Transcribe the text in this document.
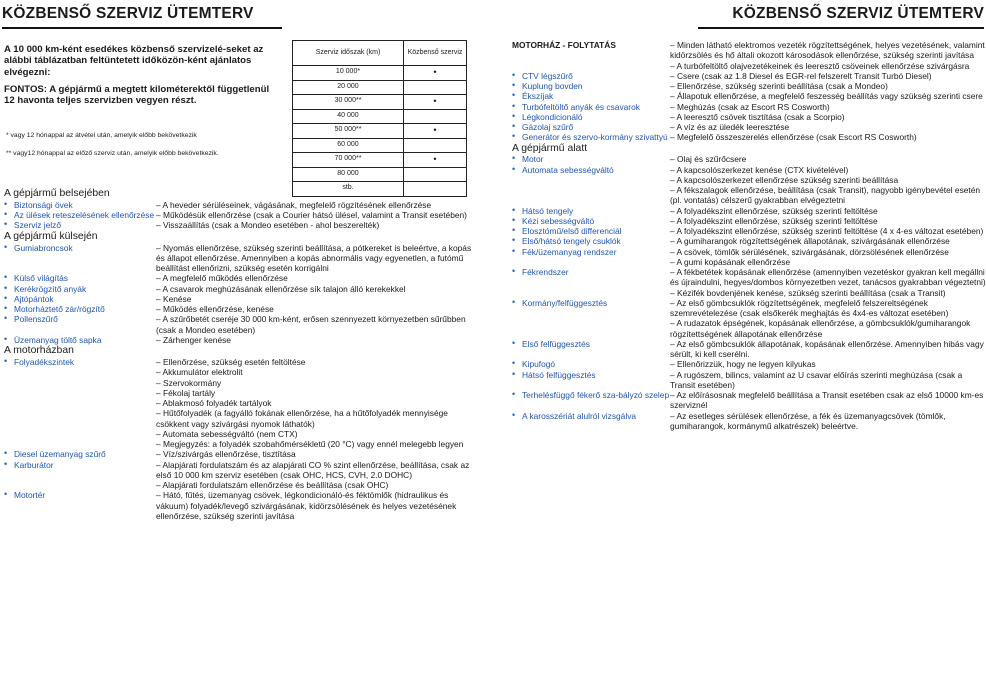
KÖZBENSŐ SZERVIZ ÜTEMTERV
A 10 000 km-ként esedékes közbenső szervizelé-seket az alábbi táblázatban feltüntetett időközön-ként ajánlatos elvégezni:
FONTOS: A gépjármű a megtett kilométerektől függetlenül 12 havonta teljes szervizben vegyen részt.
* vagy 12 hónappal az átvétel után, amelyik előbb bekövetkezik
** vagy12 hónappal az előző szerviz után, amelyik előbb bekövetkezik.
Szerviz időszak (km)	Közbenső szerviz
10 000*	•
20 000	
30 000**	•
40 000	
50 000**	•
60 000	
70 000**	•
80 000	
stb.	
A gépjármű belsejében
• Biztonsági övek	– A heveder sérüléseinek, vágásának, megfelelő rögzítésének ellenőrzése
• Az ülések reteszelésének ellenőrzése – Működésük ellenőrzése (csak a Courier hátsó ülésel, valamint a Transit esetében)
• Szerviz jelző	– Visszaállítás (csak a Mondeo esetében - ahol beszerelték)
A gépjármű külsején
• Gumiabroncsok	– Nyomás ellenőrzése, szükség szerinti beállítása, a pótkereket is beleértve, a kopás és állapot ellenőrzése. Amennyiben a kopás abnormális vagy egyenetlen, a futómű beállítást ellenőrizni, szükség esetén korrigálni
• Külső világítás	– A megfelelő működés ellenőrzése
• Kerékrögzítő anyák	– A csavarok meghúzásának ellenőrzése sík talajon álló kerekekkel
• Ajtópántok	– Kenése
• Motorháztető zár/rögzítő	– Működés ellenőrzése, kenése
• Pollenszűrő	– A szűrőbetét cseréje 30 000 km-ként, erősen szennyezett környezetben sűrűbben (csak a Mondeo esetében)
• Üzemanyag töltő sapka	– Zárhenger kenése
A motorházban
• Folyadékszintek	– Ellenőrzése, szükség esetén feltöltése
– Akkumulátor elektrolit
– Szervokormány
– Fékolaj tartály
– Ablakmosó folyadék tartályok
– Hűtőfolyadék (a fagyálló fokának ellenőrzése, ha a hűtőfolyadék mennyisége csökkent vagy szivárgási nyomok láthatók)
– Automata sebességváltó (nem CTX)
– Megjegyzés: a folyadék szobahőmérsékletű (20 °C) vagy ennél melegebb legyen
• Diesel üzemanyag szűrő	– Víz/szivárgás ellenőrzése, tisztítása
• Karburátor	– Alapjárati fordulatszám és az alapjárati CO % szint ellenőrzése, beállítása, csak az első 10 000 km szerviz esetében (csak OHC, HCS, CVH, 2.0 DOHC)
– Alapjárati fordulatszám ellenőrzése és beállítása (csak OHC)
• Motortér	– Hátó, fűtés, üzemanyag csövek, légkondicionáló-és féktömlők (hidraulikus és vákuum) folyadék/levegő szivárgásának, kidörzsölésének és helyes vezetésének ellenőrzése, szükség szerinti javítása
KÖZBENSŐ SZERVIZ ÜTEMTERV
MOTORHÁZ - FOLYTATÁS	– Minden látható elektromos vezeték rögzítettségének, helyes vezetésének, valamint kidörzsölés és hő általi okozott károsodások ellenőrzése, szükség szerinti javítása
– A turbófeltöltő olajvezetékeinek és leeresztő csöveinek ellenőrzése szivárgásra
• CTV légszűrő	– Csere (csak az 1.8 Diesel és EGR-rel felszerelt Transit Turbó Diesel)
• Kuplung bovden	– Ellenőrzése, szükség szerinti beállítása (csak a Mondeo)
• Ékszíjak	– Állapotuk ellenőrzése, a megfelelő feszesség beállítás vagy szükség szerinti csere
• Turbófeltöltő anyák és csavarok	– Meghúzás (csak az Escort RS Cosworth)
• Légkondicionáló	– A leeresztő csövek tisztítása (csak a Scorpio)
• Gázolaj szűrő	– A víz és az üledék leeresztése
• Generátor és szervo-kormány szivattyú – Megfelelő összeszerelés ellenőrzése (csak Escort RS Cosworth)
A gépjármű alatt
• Motor	– Olaj és szűrőcsere
• Automata sebességváltó	– A kapcsolószerkezet kenése (CTX kivételével)
– A kapcsolószerkezet ellenőrzése szükség szerinti beállítása
– A fékszalagok ellenőrzése, beállítása (csak Transit), nagyobb igénybevétel esetén (pl. vontatás) célszerű gyakrabban elvégeztetni
• Hátsó tengely	– A folyadékszint ellenőrzése, szükség szerinti feltöltése
• Kézi sebességváltó	– A folyadékszint ellenőrzése, szükség szerinti feltöltése
• Elosztómű/első differenciál	– A folyadékszint ellenőrzése, szükség szerinti feltöltése (4 x 4-es változat esetében)
• Első/hátsó tengely csuklók	– A gumiharangok rögzítettségének állapotának, szivárgásának ellenőrzése
• Fék/üzemanyag rendszer	– A csövek, tömlők sérülésének, szivárgásának, dörzsölésének ellenőrzése
– A gumi kopásának ellenőrzése
• Fékrendszer	– A fékbetétek kopásának ellenőrzése (amennyiben vezetéskor gyakran kell megállni és újraindulni, hegyes/dombos környezetben vezet, tanácsos gyakrabban végeztetni)
– Kézifék bovdenjének kenése, szükség szerinti beállítása (csak a Transit)
• Kormány/felfüggesztés	– Az első gömbcsuklók rögzítettségének, megfelelő felszereltségének szemrevételezése (csak elsőkerék meghajtás és 4x4-es változat esetében)
– A rudazatok épségének, kopásának ellenőrzése, a gömbcsuklók/gumiharangok rögzítettségének állapotának ellenőrzése
• Első felfüggesztés	– Az első gömbcsuklók állapotának, kopásának ellenőrzése. Amennyiben hibás vagy sérült, ki kell cserélni.
• Kipufogó	– Ellenőrizzük, hogy ne legyen kilyukas
• Hátsó felfüggesztés	– A rugószem, bilincs, valamint az U csavar előírás szerinti meghúzása (csak a Transit esetében)
• Terhelésfüggő fékerő sza-bályzó szelep – Az előírásosnak megfelelő beállítása a Transit esetében csak az első 10000 km-es szerviznél
• A karosszériát alulról vizsgálva	– Az esetleges sérülések ellenőrzése, a fék és üzemanyagcsövek (tömlők, gumiharangok, kormánymű alkatrészek) beleértve.
